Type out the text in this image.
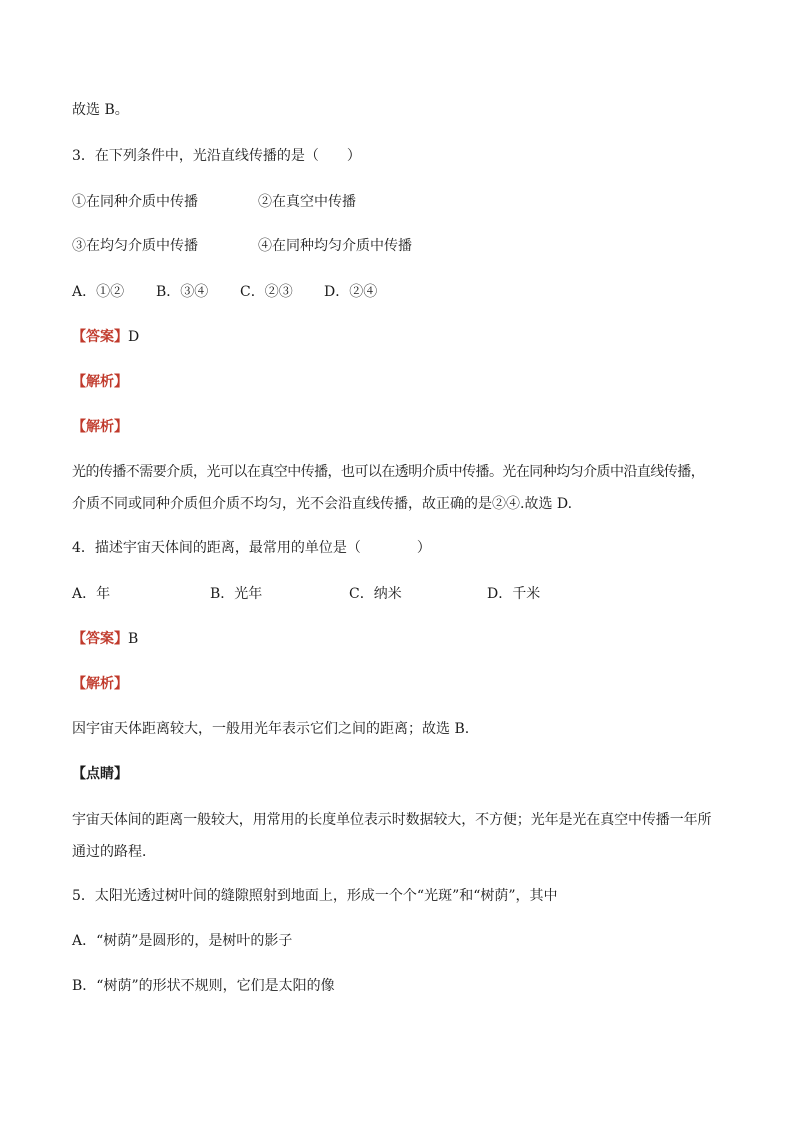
故选 B。
3．在下列条件中，光沿直线传播的是（　　）
①在同种介质中传播	②在真空中传播
③在均匀介质中传播	④在同种均匀介质中传播
A．①② B．③④ C．②③ D．②④
【答案】D
【解析】
【解析】
光的传播不需要介质，光可以在真空中传播，也可以在透明介质中传播。光在同种均匀介质中沿直线传播，
介质不同或同种介质但介质不均匀，光不会沿直线传播，故正确的是②④.故选 D.
4．描述宇宙天体间的距离，最常用的单位是（　　　　）
A．年	B．光年	C．纳米	D．千米
【答案】B
【解析】
因宇宙天体距离较大，一般用光年表示它们之间的距离；故选 B.
【点睛】
宇宙天体间的距离一般较大，用常用的长度单位表示时数据较大，不方便；光年是光在真空中传播一年所
通过的路程．
5．太阳光透过树叶间的缝隙照射到地面上，形成一个个“光斑”和“树荫”，其中
A．“树荫”是圆形的，是树叶的影子
B．“树荫”的形状不规则，它们是太阳的像
